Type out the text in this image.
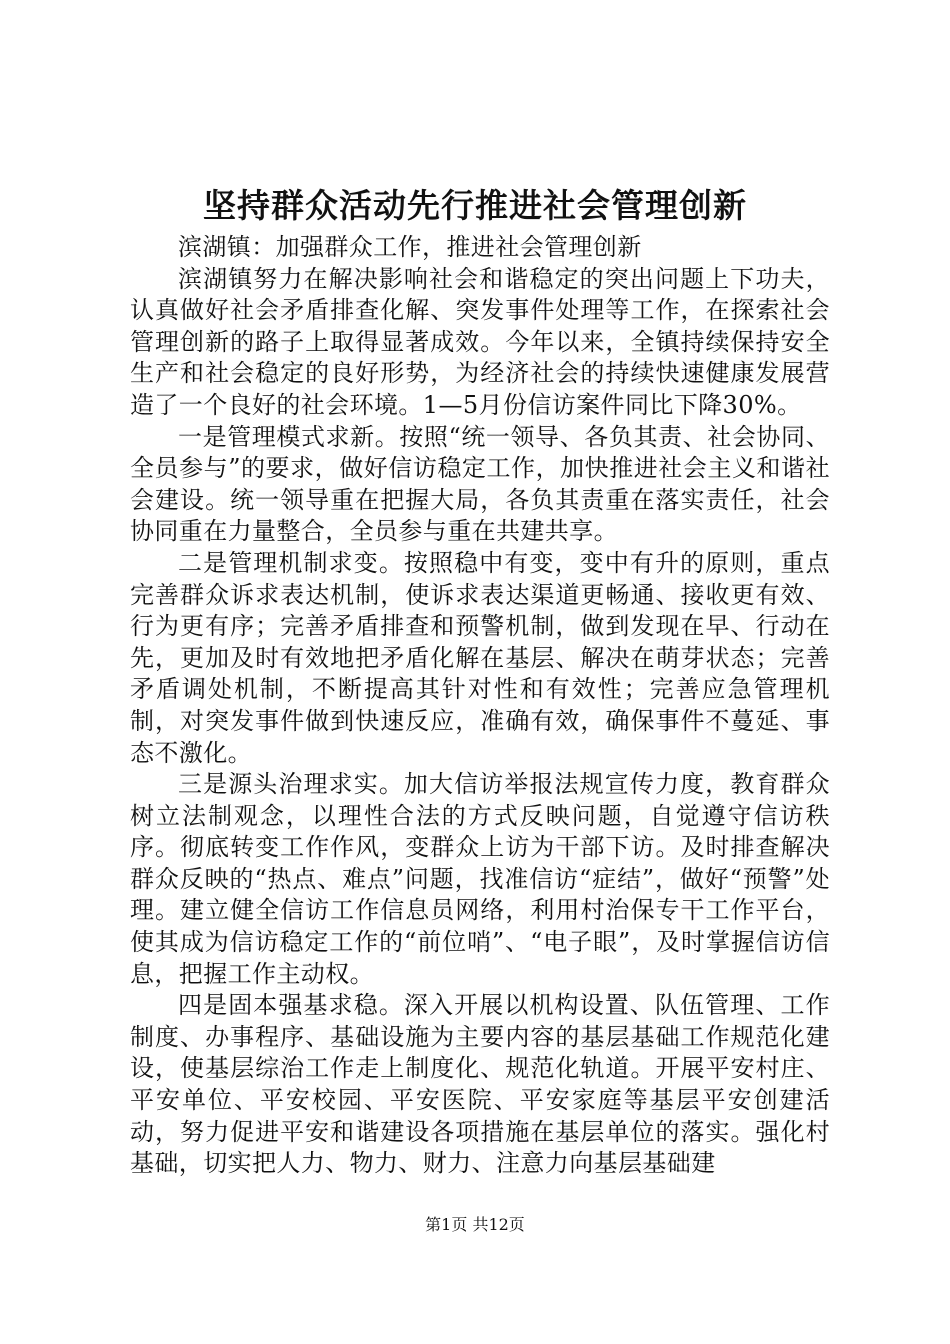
坚持群众活动先行推进社会管理创新

滨湖镇：加强群众工作，推进社会管理创新

滨湖镇努力在解决影响社会和谐稳定的突出问题上下功夫，认真做好社会矛盾排查化解、突发事件处理等工作，在探索社会管理创新的路子上取得显著成效。今年以来，全镇持续保持安全生产和社会稳定的良好形势，为经济社会的持续快速健康发展营造了一个良好的社会环境。1—5月份信访案件同比下降30%。

一是管理模式求新。按照“统一领导、各负其责、社会协同、全员参与”的要求，做好信访稳定工作，加快推进社会主义和谐社会建设。统一领导重在把握大局，各负其责重在落实责任，社会协同重在力量整合，全员参与重在共建共享。

二是管理机制求变。按照稳中有变，变中有升的原则，重点完善群众诉求表达机制，使诉求表达渠道更畅通、接收更有效、行为更有序；完善矛盾排查和预警机制，做到发现在早、行动在先，更加及时有效地把矛盾化解在基层、解决在萌芽状态；完善矛盾调处机制，不断提高其针对性和有效性；完善应急管理机制，对突发事件做到快速反应，准确有效，确保事件不蔓延、事态不激化。

三是源头治理求实。加大信访举报法规宣传力度，教育群众树立法制观念，以理性合法的方式反映问题，自觉遵守信访秩序。彻底转变工作作风，变群众上访为干部下访。及时排查解决群众反映的“热点、难点”问题，找准信访“症结”，做好“预警”处理。建立健全信访工作信息员网络，利用村治保专干工作平台，使其成为信访稳定工作的“前位哨”、“电子眼”，及时掌握信访信息，把握工作主动权。

四是固本强基求稳。深入开展以机构设置、队伍管理、工作制度、办事程序、基础设施为主要内容的基层基础工作规范化建设，使基层综治工作走上制度化、规范化轨道。开展平安村庄、平安单位、平安校园、平安医院、平安家庭等基层平安创建活动，努力促进平安和谐建设各项措施在基层单位的落实。强化村基础，切实把人力、物力、财力、注意力向基层基础建

第1页 共12页
